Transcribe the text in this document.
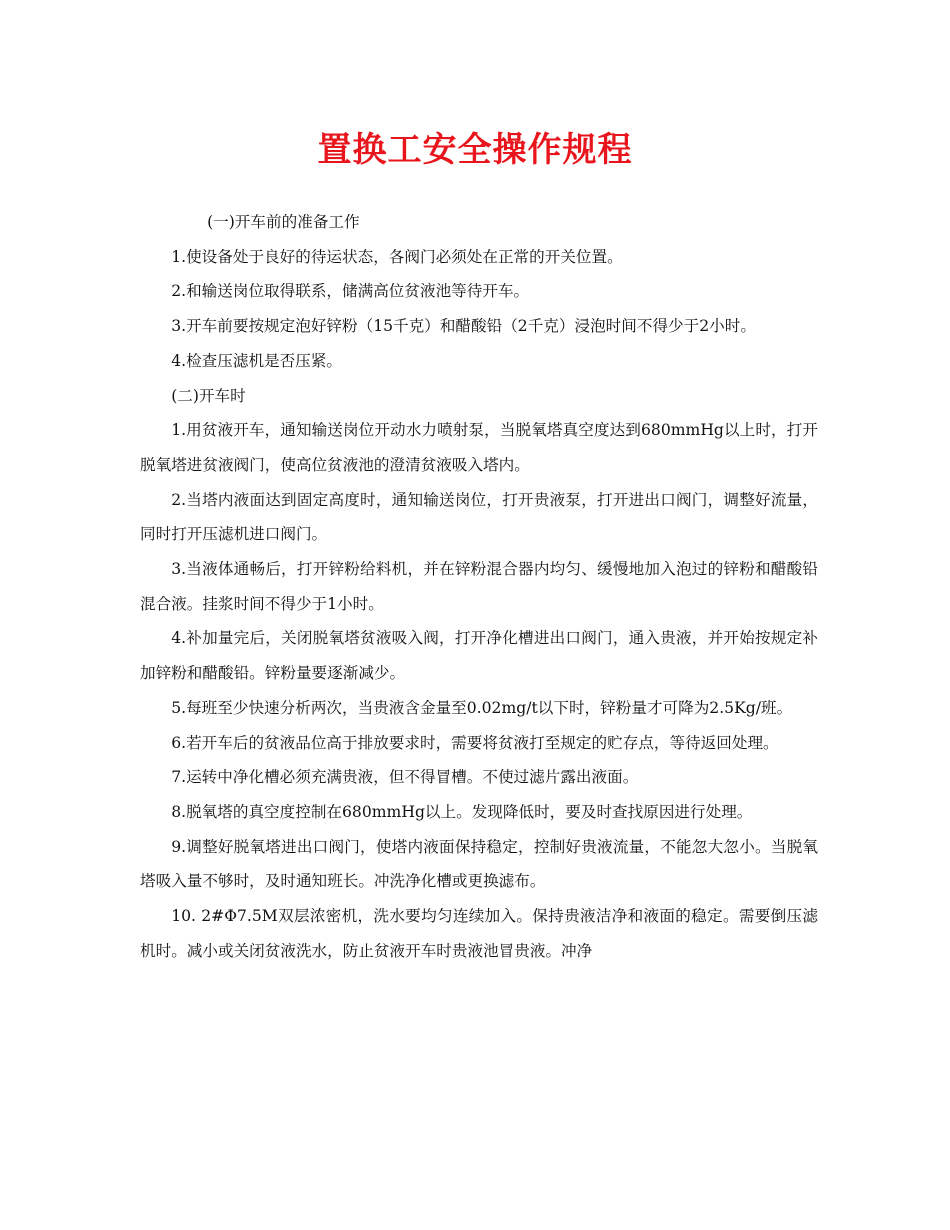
置换工安全操作规程

(一)开车前的准备工作

1.使设备处于良好的待运状态，各阀门必须处在正常的开关位置。

2.和输送岗位取得联系，储满高位贫液池等待开车。

3.开车前要按规定泡好锌粉（15千克）和醋酸铅（2千克）浸泡时间不得少于2小时。

4.检查压滤机是否压紧。

(二)开车时

1.用贫液开车，通知输送岗位开动水力喷射泵，当脱氧塔真空度达到680mmHg以上时，打开脱氧塔进贫液阀门，使高位贫液池的澄清贫液吸入塔内。

2.当塔内液面达到固定高度时，通知输送岗位，打开贵液泵，打开进出口阀门，调整好流量，同时打开压滤机进口阀门。

3.当液体通畅后，打开锌粉给料机，并在锌粉混合器内均匀、缓慢地加入泡过的锌粉和醋酸铅混合液。挂浆时间不得少于1小时。

4.补加量完后，关闭脱氧塔贫液吸入阀，打开净化槽进出口阀门，通入贵液，并开始按规定补加锌粉和醋酸铅。锌粉量要逐渐减少。

5.每班至少快速分析两次，当贵液含金量至0.02mg/t以下时，锌粉量才可降为2.5Kg/班。

6.若开车后的贫液品位高于排放要求时，需要将贫液打至规定的贮存点，等待返回处理。

7.运转中净化槽必须充满贵液，但不得冒槽。不使过滤片露出液面。

8.脱氧塔的真空度控制在680mmHg以上。发现降低时，要及时查找原因进行处理。

9.调整好脱氧塔进出口阀门，使塔内液面保持稳定，控制好贵液流量，不能忽大忽小。当脱氧塔吸入量不够时，及时通知班长。冲洗净化槽或更换滤布。

10. 2#Φ7.5M双层浓密机，洗水要均匀连续加入。保持贵液洁净和液面的稳定。需要倒压滤机时。减小或关闭贫液洗水，防止贫液开车时贵液池冒贵液。冲净
